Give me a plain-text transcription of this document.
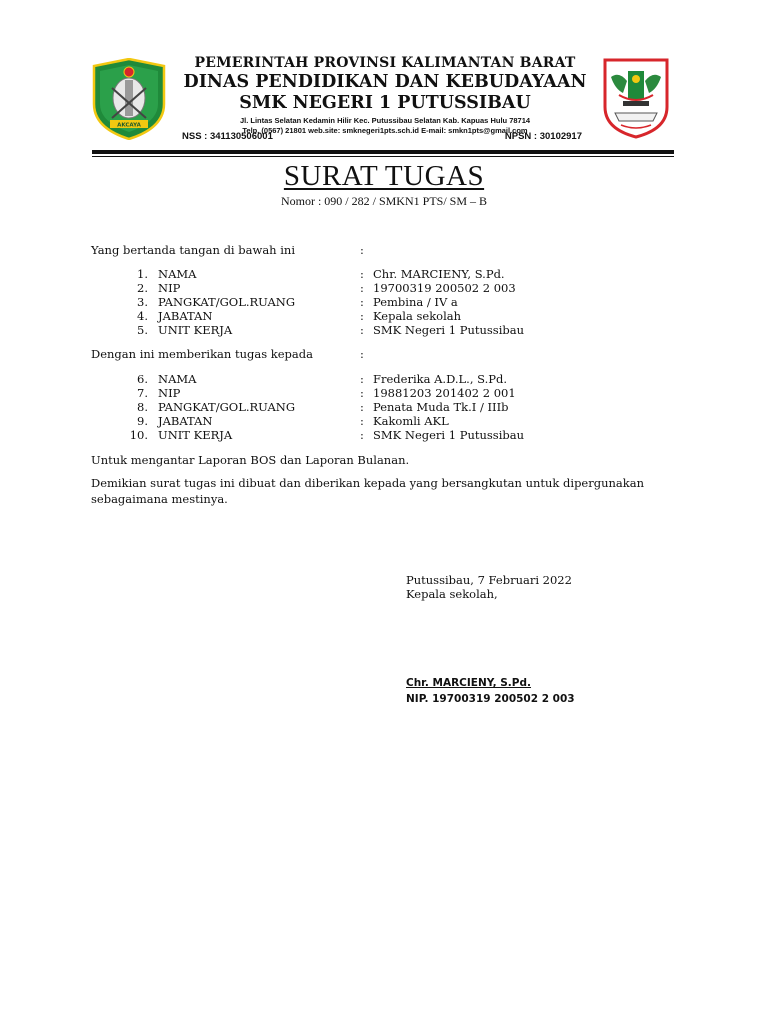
AKCAYA
PEMERINTAH PROVINSI KALIMANTAN BARAT
DINAS PENDIDIKAN DAN KEBUDAYAAN
SMK NEGERI 1 PUTUSSIBAU
Jl. Lintas Selatan Kedamin Hilir Kec. Putussibau Selatan Kab. Kapuas Hulu 78714
Telp. (0567) 21801 web.site: smknegeri1pts.sch.id E-mail: smkn1pts@gmail.com
NSS : 341130506001	NPSN : 30102917
SURAT TUGAS
Nomor : 090 / 282 / SMKN1 PTS/ SM – B
Yang bertanda tangan di bawah ini	:
1. NAMA	: Chr. MARCIENY, S.Pd.
2. NIP	: 19700319 200502 2 003
3. PANGKAT/GOL.RUANG	: Pembina / IV a
4. JABATAN	: Kepala sekolah
5. UNIT KERJA	: SMK Negeri 1 Putussibau
Dengan ini memberikan tugas kepada	:
6. NAMA	: Frederika A.D.L., S.Pd.
7. NIP	: 19881203 201402 2 001
8. PANGKAT/GOL.RUANG	: Penata Muda Tk.I / IIIb
9. JABATAN	: Kakomli AKL
10. UNIT KERJA	: SMK Negeri 1 Putussibau
Untuk mengantar Laporan BOS dan Laporan Bulanan.
Demikian surat tugas ini dibuat dan diberikan kepada yang bersangkutan untuk dipergunakan sebagaimana mestinya.
Putussibau, 7 Februari 2022
Kepala sekolah,
Chr. MARCIENY, S.Pd.
NIP. 19700319 200502 2 003
